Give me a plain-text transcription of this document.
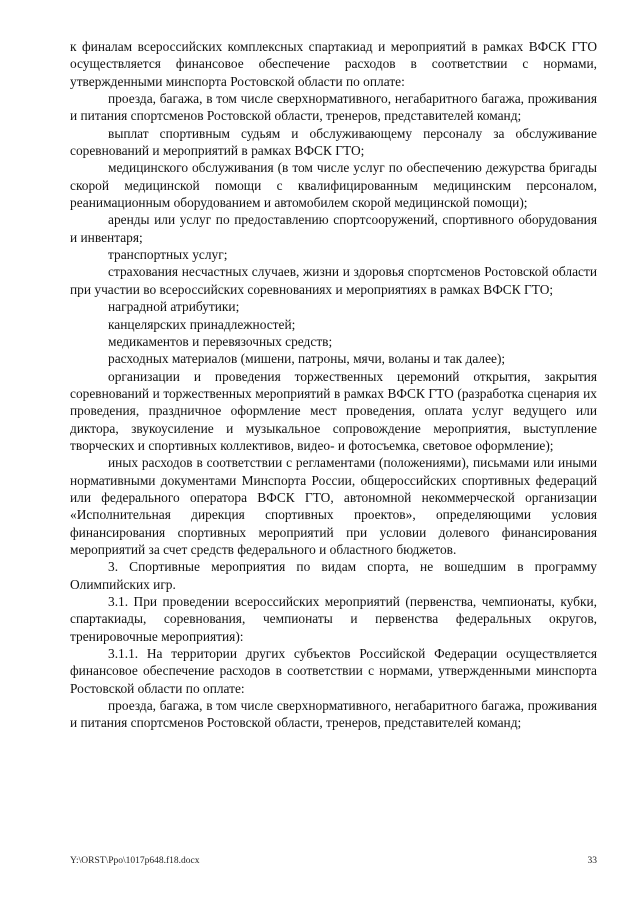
к финалам всероссийских комплексных спартакиад и мероприятий в рамках ВФСК ГТО осуществляется финансовое обеспечение расходов в соответствии с нормами, утвержденными минспорта Ростовской области по оплате:

проезда, багажа, в том числе сверхнормативного, негабаритного багажа, проживания и питания спортсменов Ростовской области, тренеров, представителей команд;

выплат спортивным судьям и обслуживающему персоналу за обслуживание соревнований и мероприятий в рамках ВФСК ГТО;

медицинского обслуживания (в том числе услуг по обеспечению дежурства бригады скорой медицинской помощи с квалифицированным медицинским персоналом, реанимационным оборудованием и автомобилем скорой медицинской помощи);

аренды или услуг по предоставлению спортсооружений, спортивного оборудования и инвентаря;

транспортных услуг;

страхования несчастных случаев, жизни и здоровья спортсменов Ростовской области при участии во всероссийских соревнованиях и мероприятиях в рамках ВФСК ГТО;

наградной атрибутики;

канцелярских принадлежностей;

медикаментов и перевязочных средств;

расходных материалов (мишени, патроны, мячи, воланы и так далее);

организации и проведения торжественных церемоний открытия, закрытия соревнований и торжественных мероприятий в рамках ВФСК ГТО (разработка сценария их проведения, праздничное оформление мест проведения, оплата услуг ведущего или диктора, звукоусиление и музыкальное сопровождение мероприятия, выступление творческих и спортивных коллективов, видео- и фотосъемка, световое оформление);

иных расходов в соответствии с регламентами (положениями), письмами или иными нормативными документами Минспорта России, общероссийских спортивных федераций или федерального оператора ВФСК ГТО, автономной некоммерческой организации «Исполнительная дирекция спортивных проектов», определяющими условия финансирования спортивных мероприятий при условии долевого финансирования мероприятий за счет средств федерального и областного бюджетов.

3. Спортивные мероприятия по видам спорта, не вошедшим в программу Олимпийских игр.

3.1. При проведении всероссийских мероприятий (первенства, чемпионаты, кубки, спартакиады, соревнования, чемпионаты и первенства федеральных округов, тренировочные мероприятия):

3.1.1. На территории других субъектов Российской Федерации осуществляется финансовое обеспечение расходов в соответствии с нормами, утвержденными минспорта Ростовской области по оплате:

проезда, багажа, в том числе сверхнормативного, негабаритного багажа, проживания и питания спортсменов Ростовской области, тренеров, представителей команд;

Y:\ORST\Ppo\1017p648.f18.docx	33
